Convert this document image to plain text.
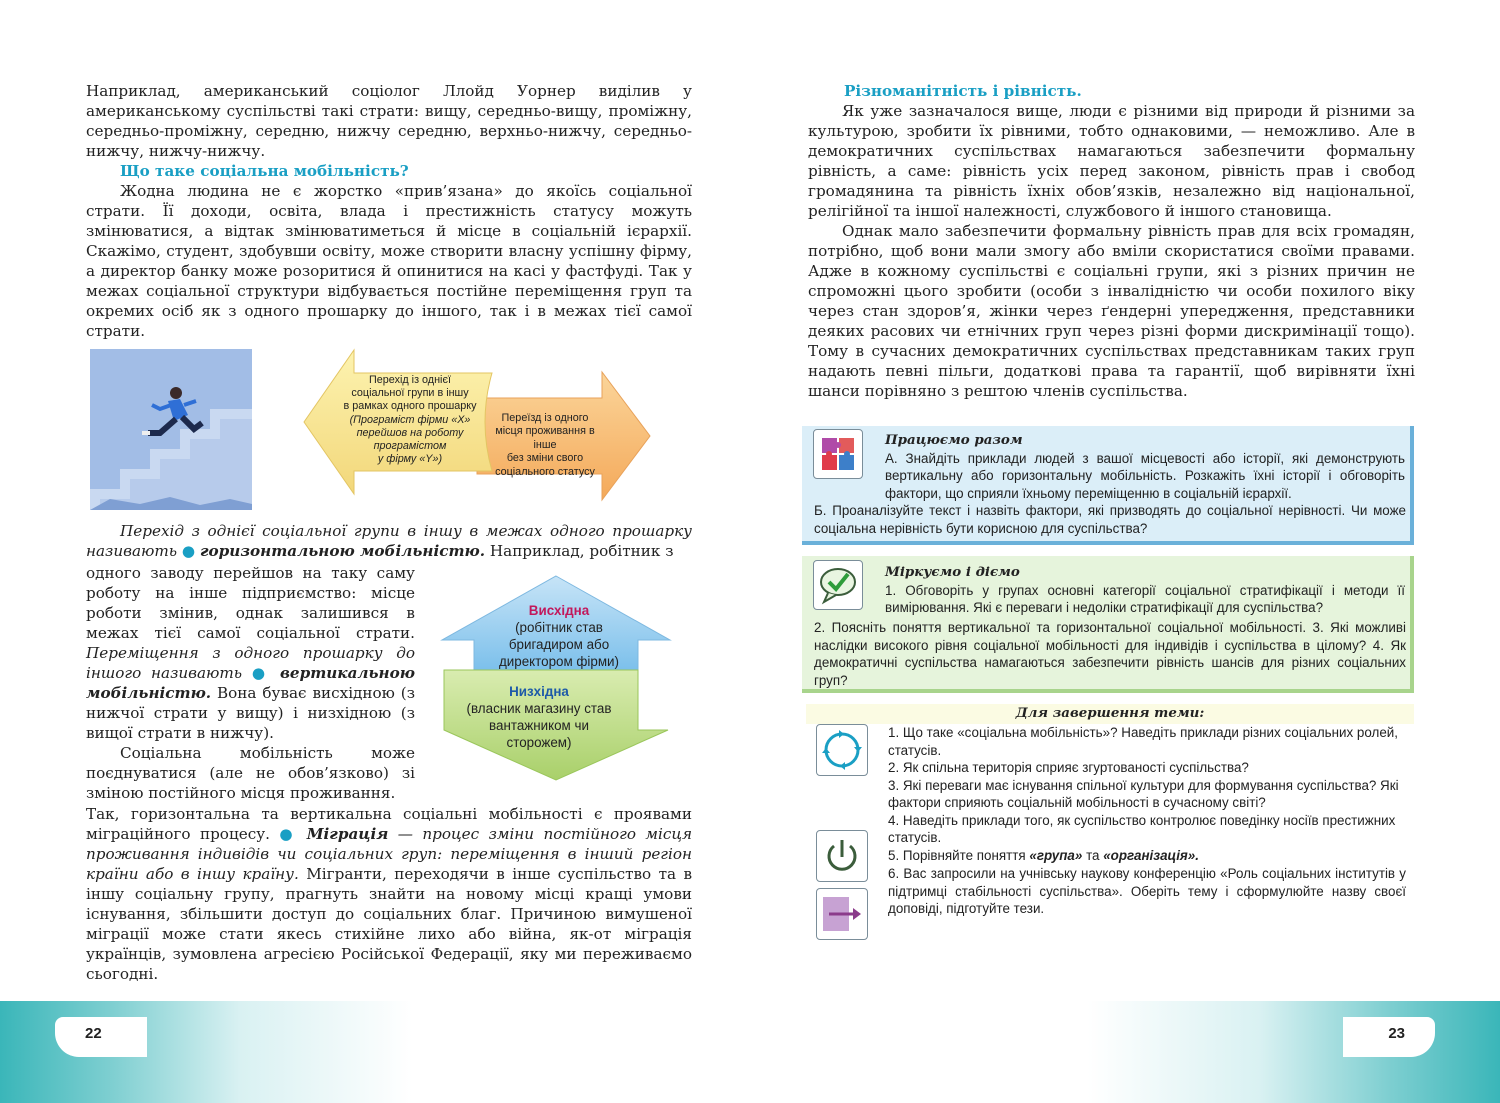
Наприклад, американський соціолог Ллойд Уорнер виділив у американському суспільстві такі страти: вищу, середньо-вищу, проміжну, середньо-проміжну, середню, нижчу середню, верхньо-нижчу, середньо-нижчу, нижчу-нижчу.

Що таке соціальна мобільність?

Жодна людина не є жорстко «прив’язана» до якоїсь соціальної страти. Її доходи, освіта, влада і престижність статусу можуть змінюватися, а відтак змінюватиметься й місце в соціальній ієрархії. Скажімо, студент, здобувши освіту, може створити власну успішну фірму, а директор банку може розоритися й опинитися на касі у фастфуді. Так у межах соціальної структури відбувається постійне переміщення груп та окремих осіб як з одного прошарку до іншого, так і в межах тієї самої страти.

Перехід із однієї
соціальної групи в іншу
в рамках одного прошарку
(Програміст фірми «Х»
перейшов на роботу
програмістом
у фірму «Y»)
Переїзд із одного
місця проживання в інше
без зміни свого
соціального статусу

Перехід з однієї соціальної групи в іншу в межах одного прошарку називають ● горизонтальною мобільністю. Наприклад, робітник з

одного заводу перейшов на таку саму роботу на інше підприємство: місце роботи змінив, однак залишився в межах тієї самої соціальної страти. Переміщення з одного прошарку до іншого називають ● вертикальною мобільністю. Вона буває висхідною (з нижчої страти у вищу) і низхідною (з вищої страти в нижчу).

Соціальна мобільність може поєднуватися (але не обов’язково) зі зміною постійного місця проживання.

Висхідна
(робітник став
бригадиром або
директором фірми)
Низхідна
(власник магазину став
вантажником чи
сторожем)

Так, горизонтальна та вертикальна соціальні мобільності є проявами міграційного процесу. ● Міграція — процес зміни постійного місця проживання індивідів чи соціальних груп: переміщення в інший регіон країни або в іншу країну. Мігранти, переходячи в інше суспільство та в іншу соціальну групу, прагнуть знайти на новому місці кращі умови існування, збільшити доступ до соціальних благ. Причиною вимушеної міграції може стати якесь стихійне лихо або війна, як-от міграція українців, зумовлена агресією Російської Федерації, яку ми переживаємо сьогодні.

Різноманітність і рівність.

Як уже зазначалося вище, люди є різними від природи й різними за культурою, зробити їх рівними, тобто однаковими, — неможливо. Але в демократичних суспільствах намагаються забезпечити формальну рівність, а саме: рівність усіх перед законом, рівність прав і свобод громадянина та рівність їхніх обов’язків, незалежно від національної, релігійної та іншої належності, службового й іншого становища.

Однак мало забезпечити формальну рівність прав для всіх громадян, потрібно, щоб вони мали змогу або вміли скористатися своїми правами. Адже в кожному суспільстві є соціальні групи, які з різних причин не спроможні цього зробити (особи з інвалідністю чи особи похилого віку через стан здоров’я, жінки через ґендерні упередження, представники деяких расових чи етнічних груп через різні форми дискримінації тощо). Тому в сучасних демократичних суспільствах представникам таких груп надають певні пільги, додаткові права та гарантії, щоб вирівняти їхні шанси порівняно з рештою членів суспільства.

Працюємо разом
А. Знайдіть приклади людей з вашої місцевості або історії, які демонструють вертикальну або горизонтальну мобільність. Розкажіть їхні історії і обговоріть фактори, що сприяли їхньому переміщенню в соціальній ієрархії.
Б. Проаналізуйте текст і назвіть фактори, які призводять до соціальної нерівності. Чи може соціальна нерівність бути корисною для суспільства?
Міркуємо і діємо
1. Обговоріть у групах основні категорії соціальної стратифікації і методи її вимірювання. Які є переваги і недоліки стратифікації для суспільства?
2. Поясніть поняття вертикальної та горизонтальної соціальної мобільності. 3. Які можливі наслідки високого рівня соціальної мобільності для індивідів і суспільства в цілому? 4. Як демократичні суспільства намагаються забезпечити рівність шансів для різних соціальних груп?
Для завершення теми:
1. Що таке «соціальна мобільність»? Наведіть приклади різних соціальних ролей, статусів.
2. Як спільна територія сприяє згуртованості суспільства?
3. Які переваги має існування спільної культури для формування суспільства? Які фактори сприяють соціальній мобільності в сучасному світі?
4. Наведіть приклади того, як суспільство контролює поведінку носіїв престижних статусів.
5. Порівняйте поняття «група» та «організація».
6. Вас запросили на учнівську наукову конференцію «Роль соціальних інститутів у підтримці стабільності суспільства». Оберіть тему і сформулюйте назву своєї доповіді, підготуйте тези.
22	23
